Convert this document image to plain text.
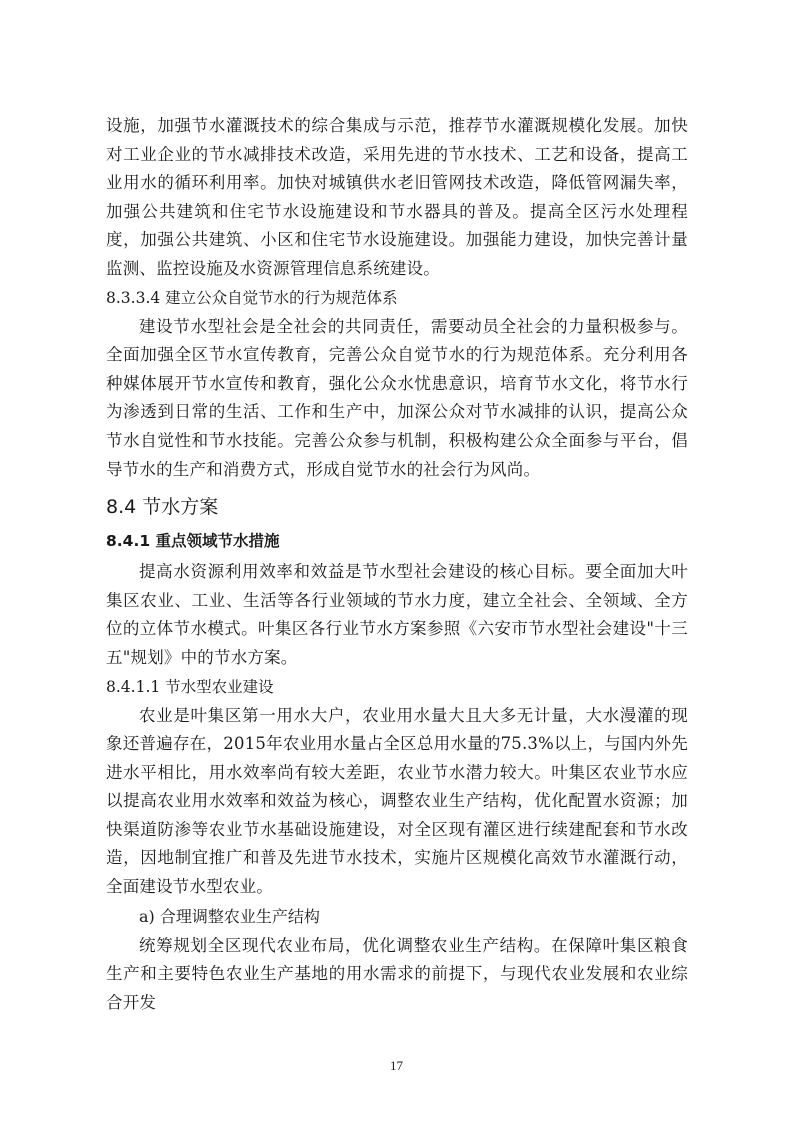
设施，加强节水灌溉技术的综合集成与示范，推荐节水灌溉规模化发展。加快对工业企业的节水减排技术改造，采用先进的节水技术、工艺和设备，提高工业用水的循环利用率。加快对城镇供水老旧管网技术改造，降低管网漏失率，加强公共建筑和住宅节水设施建设和节水器具的普及。提高全区污水处理程度，加强公共建筑、小区和住宅节水设施建设。加强能力建设，加快完善计量监测、监控设施及水资源管理信息系统建设。

8.3.3.4 建立公众自觉节水的行为规范体系

建设节水型社会是全社会的共同责任，需要动员全社会的力量积极参与。全面加强全区节水宣传教育，完善公众自觉节水的行为规范体系。充分利用各种媒体展开节水宣传和教育，强化公众水忧患意识，培育节水文化，将节水行为渗透到日常的生活、工作和生产中，加深公众对节水减排的认识，提高公众节水自觉性和节水技能。完善公众参与机制，积极构建公众全面参与平台，倡导节水的生产和消费方式，形成自觉节水的社会行为风尚。

8.4 节水方案
8.4.1 重点领域节水措施

提高水资源利用效率和效益是节水型社会建设的核心目标。要全面加大叶集区农业、工业、生活等各行业领域的节水力度，建立全社会、全领域、全方位的立体节水模式。叶集区各行业节水方案参照《六安市节水型社会建设"十三五"规划》中的节水方案。

8.4.1.1 节水型农业建设

农业是叶集区第一用水大户，农业用水量大且大多无计量，大水漫灌的现象还普遍存在，2015年农业用水量占全区总用水量的75.3%以上，与国内外先进水平相比，用水效率尚有较大差距，农业节水潜力较大。叶集区农业节水应以提高农业用水效率和效益为核心，调整农业生产结构，优化配置水资源；加快渠道防渗等农业节水基础设施建设，对全区现有灌区进行续建配套和节水改造，因地制宜推广和普及先进节水技术，实施片区规模化高效节水灌溉行动，全面建设节水型农业。

a) 合理调整农业生产结构

统筹规划全区现代农业布局，优化调整农业生产结构。在保障叶集区粮食生产和主要特色农业生产基地的用水需求的前提下，与现代农业发展和农业综合开发

17
